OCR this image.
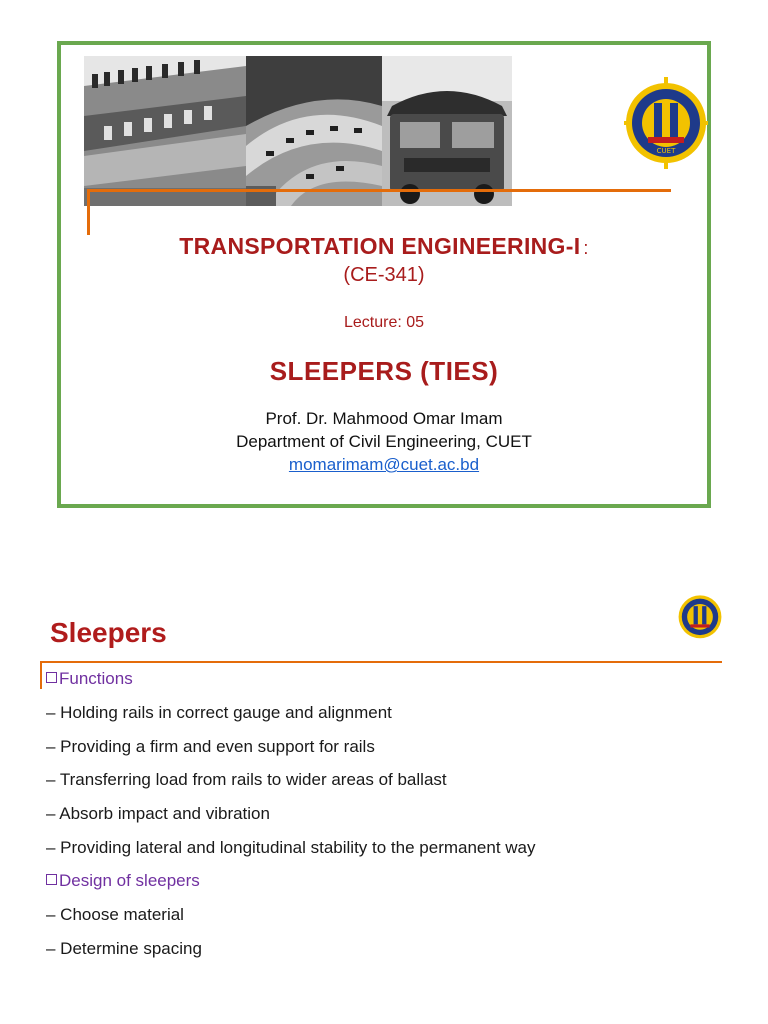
CUET
TRANSPORTATION ENGINEERING-I :
(CE-341)
Lecture: 05
SLEEPERS (TIES)
Prof. Dr. Mahmood Omar Imam
Department of Civil Engineering, CUET
momarimam@cuet.ac.bd
Sleepers
Functions
– Holding rails in correct gauge and alignment
– Providing a firm and even support for rails
– Transferring load from rails to wider areas of ballast
– Absorb impact and vibration
– Providing lateral and longitudinal stability to the permanent way
Design of sleepers
– Choose material
– Determine spacing
